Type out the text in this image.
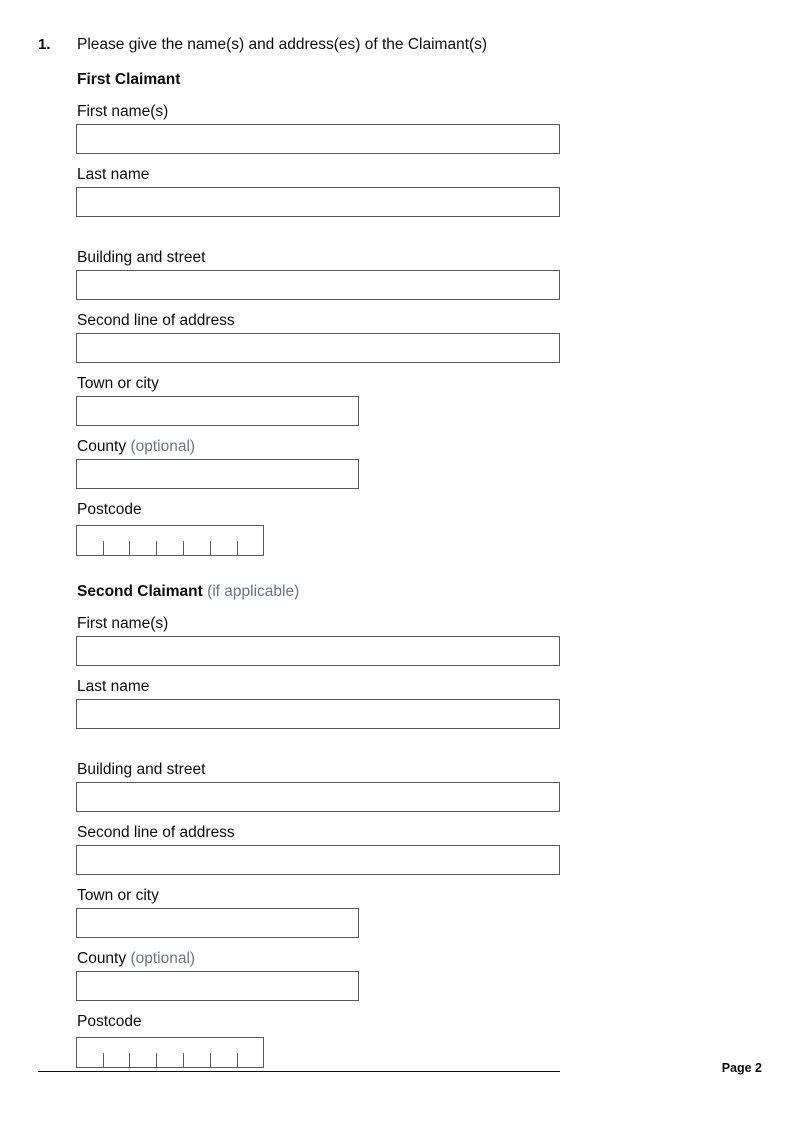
1. Please give the name(s) and address(es) of the Claimant(s)
First Claimant
First name(s)
Last name
Building and street
Second line of address
Town or city
County (optional)
Postcode
Second Claimant (if applicable)
First name(s)
Last name
Building and street
Second line of address
Town or city
County (optional)
Postcode
Page 2
